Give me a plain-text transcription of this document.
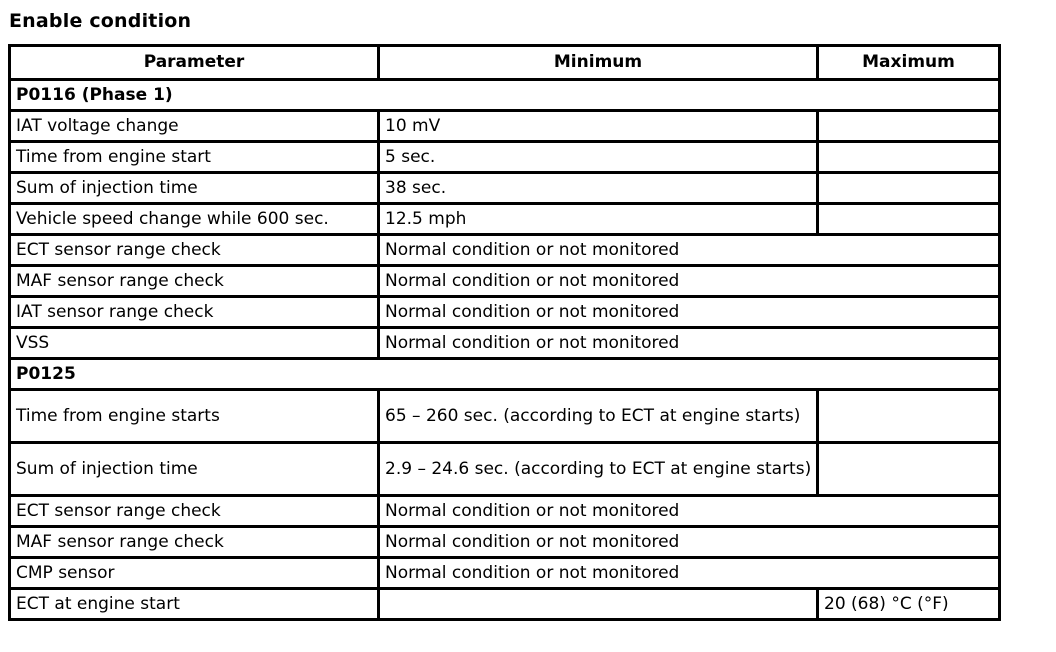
Enable condition
Parameter	Minimum	Maximum
P0116 (Phase 1)		
IAT voltage change	10 mV	
Time from engine start	5 sec.	
Sum of injection time	38 sec.	
Vehicle speed change while 600 sec.	12.5 mph	
ECT sensor range check	Normal condition or not monitored	
MAF sensor range check	Normal condition or not monitored	
IAT sensor range check	Normal condition or not monitored	
VSS	Normal condition or not monitored	
P0125		
Time from engine starts	65 – 260 sec. (according to ECT at engine starts)	
Sum of injection time	2.9 – 24.6 sec. (according to ECT at engine starts)	
ECT sensor range check	Normal condition or not monitored	
MAF sensor range check	Normal condition or not monitored	
CMP sensor	Normal condition or not monitored	
ECT at engine start		20 (68) °C (°F)
